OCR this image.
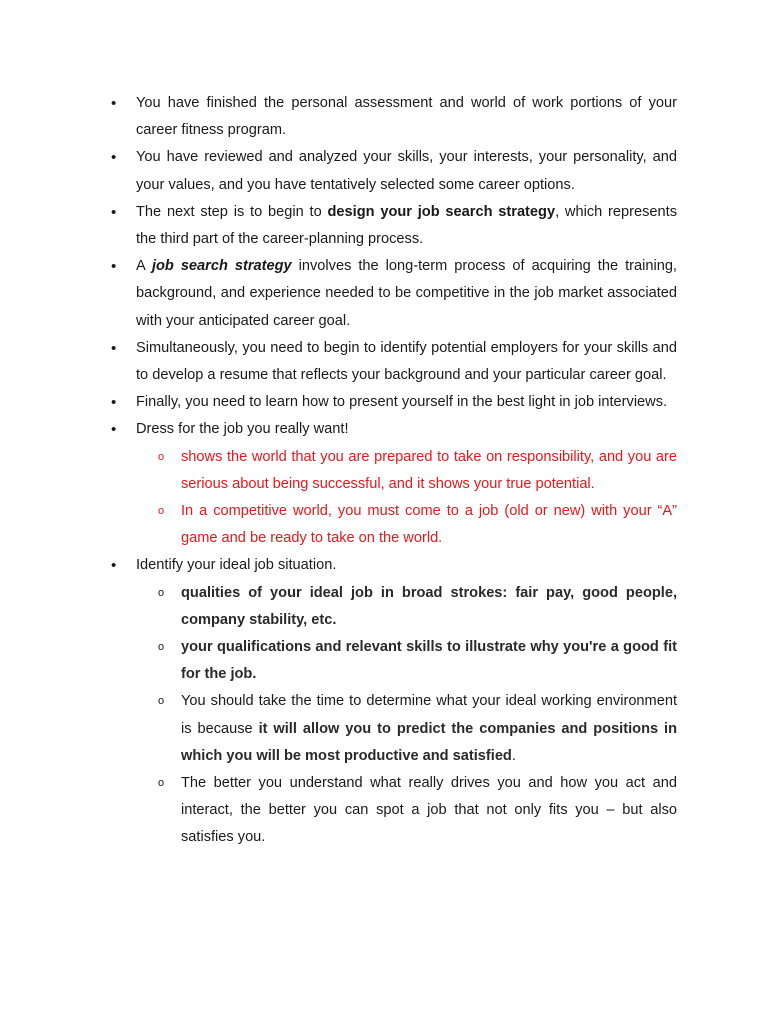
• You have finished the personal assessment and world of work portions of your career fitness program.
• You have reviewed and analyzed your skills, your interests, your personality, and your values, and you have tentatively selected some career options.
• The next step is to begin to design your job search strategy, which represents the third part of the career-planning process.
• A job search strategy involves the long-term process of acquiring the training, background, and experience needed to be competitive in the job market associated with your anticipated career goal.
• Simultaneously, you need to begin to identify potential employers for your skills and to develop a resume that reflects your background and your particular career goal.
• Finally, you need to learn how to present yourself in the best light in job interviews.
• Dress for the job you really want!
o shows the world that you are prepared to take on responsibility, and you are serious about being successful, and it shows your true potential.
o In a competitive world, you must come to a job (old or new) with your “A” game and be ready to take on the world.
• Identify your ideal job situation.
o qualities of your ideal job in broad strokes: fair pay, good people, company stability, etc.
o your qualifications and relevant skills to illustrate why you're a good fit for the job.
o You should take the time to determine what your ideal working environment is because it will allow you to predict the companies and positions in which you will be most productive and satisfied.
o The better you understand what really drives you and how you act and interact, the better you can spot a job that not only fits you – but also satisfies you.
